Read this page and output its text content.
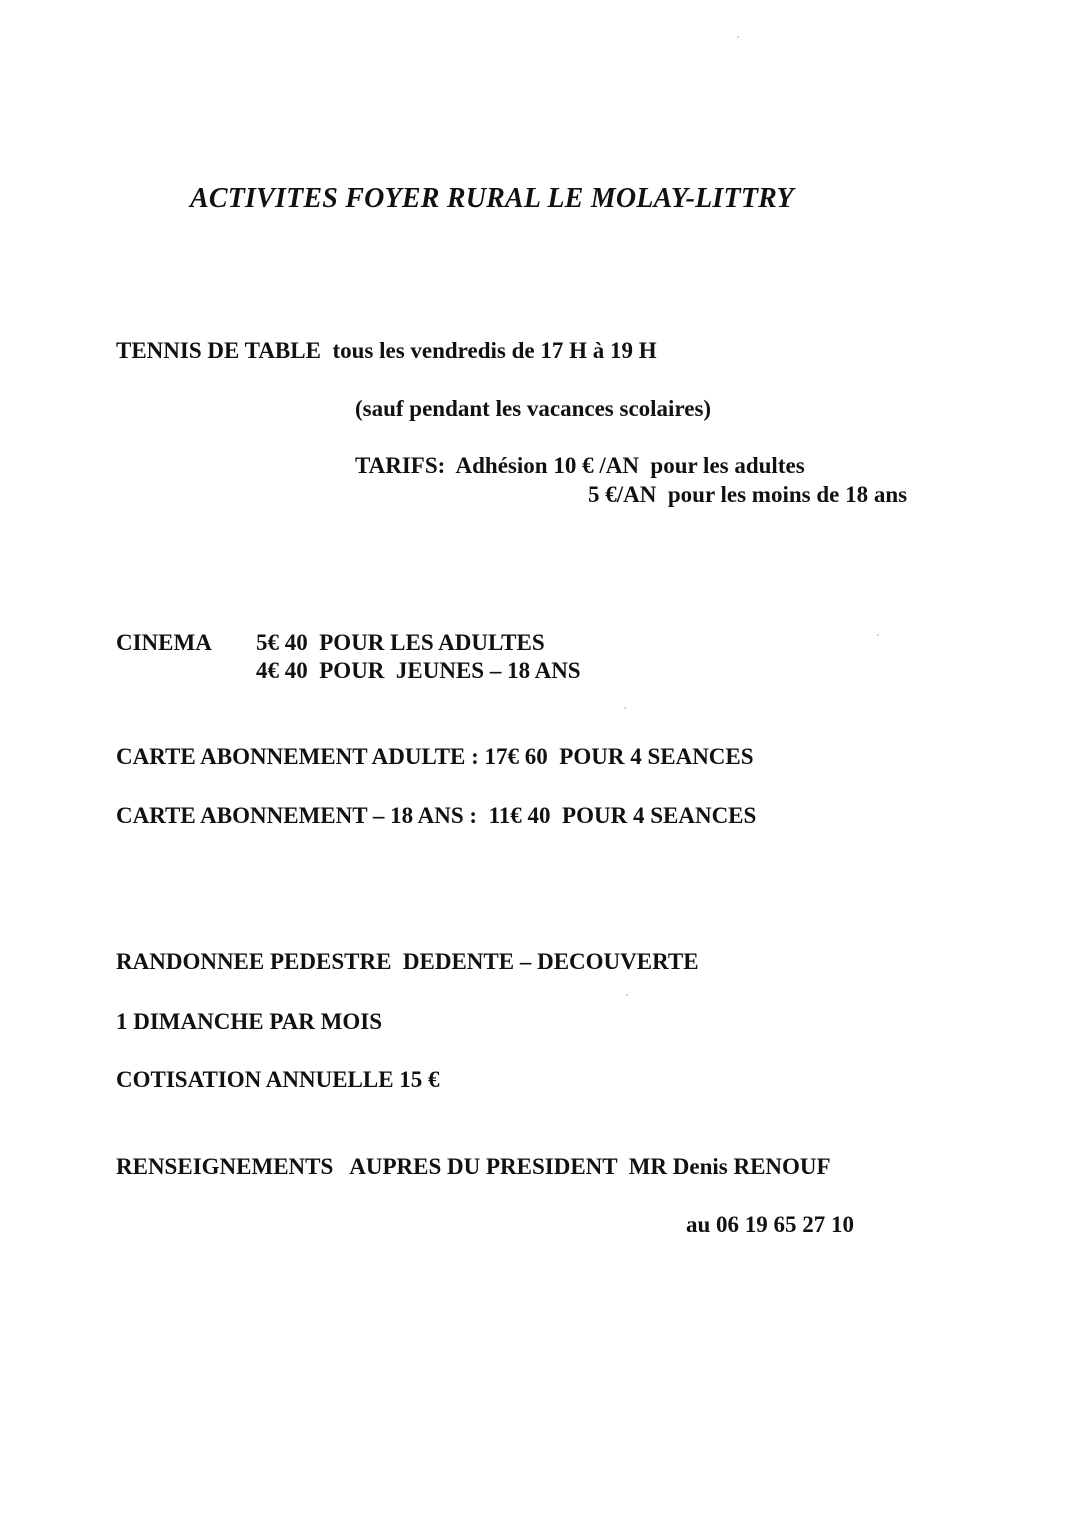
ACTIVITES FOYER RURAL LE MOLAY-LITTRY
TENNIS DE TABLE  tous les vendredis de 17 H à 19 H
(sauf pendant les vacances scolaires)
TARIFS:  Adhésion 10 € /AN  pour les adultes
5 €/AN  pour les moins de 18 ans
CINEMA 5€ 40  POUR LES ADULTES
4€ 40  POUR  JEUNES – 18 ANS
CARTE ABONNEMENT ADULTE : 17€ 60  POUR 4 SEANCES
CARTE ABONNEMENT – 18 ANS :  11€ 40  POUR 4 SEANCES
RANDONNEE PEDESTRE  DEDENTE – DECOUVERTE
1 DIMANCHE PAR MOIS
COTISATION ANNUELLE 15 €
RENSEIGNEMENTS   AUPRES DU PRESIDENT  MR Denis RENOUF
au 06 19 65 27 10
